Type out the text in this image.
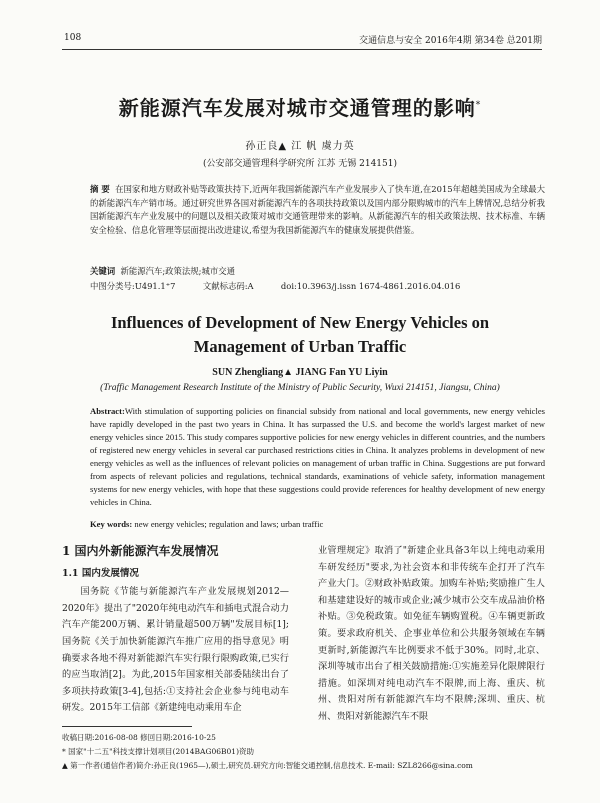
108	交通信息与安全 2016年4期 第34卷 总201期
新能源汽车发展对城市交通管理的影响*
孙正良▲ 江 帆 虞力英
(公安部交通管理科学研究所 江苏 无锡 214151)
摘 要 在国家和地方财政补贴等政策扶持下,近两年我国新能源汽车产业发展步入了快车道,在2015年超越美国成为全球最大的新能源汽车产销市场。通过研究世界各国对新能源汽车的各项扶持政策以及国内部分限购城市的汽车上牌情况,总结分析我国新能源汽车产业发展中的问题以及相关政策对城市交通管理带来的影响。从新能源汽车的相关政策法规、技术标准、车辆安全检验、信息化管理等层面提出改进建议,希望为我国新能源汽车的健康发展提供借鉴。
关键词 新能源汽车;政策法规;城市交通
中图分类号:U491.1⁺7	文献标志码:A	doi:10.3963/j.issn 1674-4861.2016.04.016
Influences of Development of New Energy Vehicles on Management of Urban Traffic
SUN Zhengliang▲ JIANG Fan YU Liyin
(Traffic Management Research Institute of the Ministry of Public Security, Wuxi 214151, Jiangsu, China)
Abstract:With stimulation of supporting policies on financial subsidy from national and local governments, new energy vehicles have rapidly developed in the past two years in China. It has surpassed the U.S. and become the world's largest market of new energy vehicles since 2015. This study compares supportive policies for new energy vehicles in different countries, and the numbers of registered new energy vehicles in several car purchased restrictions cities in China. It analyzes problems in development of new energy vehicles as well as the influences of relevant policies on management of urban traffic in China. Suggestions are put forward from aspects of relevant policies and regulations, technical standards, examinations of vehicle safety, information management systems for new energy vehicles, with hope that these suggestions could provide references for healthy development of new energy vehicles in China.
Key words: new energy vehicles; regulation and laws; urban traffic
1 国内外新能源汽车发展情况
1.1 国内发展情况

国务院《节能与新能源汽车产业发展规划2012—2020年》提出了"2020年纯电动汽车和插电式混合动力汽车产能200万辆、累计销量超500万辆"发展目标[1];国务院《关于加快新能源汽车推广应用的指导意见》明确要求各地不得对新能源汽车实行限行限购政策,已实行的应当取消[2]。为此,2015年国家相关部委陆续出台了多项扶持政策[3-4],包括:①支持社会企业参与纯电动车研发。2015年工信部《新建纯电动乘用车企

业管理规定》取消了"新建企业具备3年以上纯电动乘用车研发经历"要求,为社会资本和非传统车企打开了汽车产业大门。②财政补贴政策。加购车补贴;奖励推广生人和基建建设好的城市或企业;减少城市公交车成品油价格补贴。③免税政策。如免征车辆购置税。④车辆更新政策。要求政府机关、企事业单位和公共服务领域在车辆更新时,新能源汽车比例要求不低于30%。同时,北京、深圳等城市出台了相关鼓励措施:①实施差异化限牌限行措施。如深圳对纯电动汽车不限牌,而上海、重庆、杭州、贵阳对所有新能源汽车均不限牌;深圳、重庆、杭州、贵阳对新能源汽车不限

收稿日期:2016-08-08 修回日期:2016-10-25
* 国家"十二五"科技支撑计划项目(2014BAG06B01)资助
▲ 第一作者(通信作者)简介:孙正良(1965—),硕士,研究员.研究方向:智能交通控制,信息技术. E-mail: SZL8266@sina.com
